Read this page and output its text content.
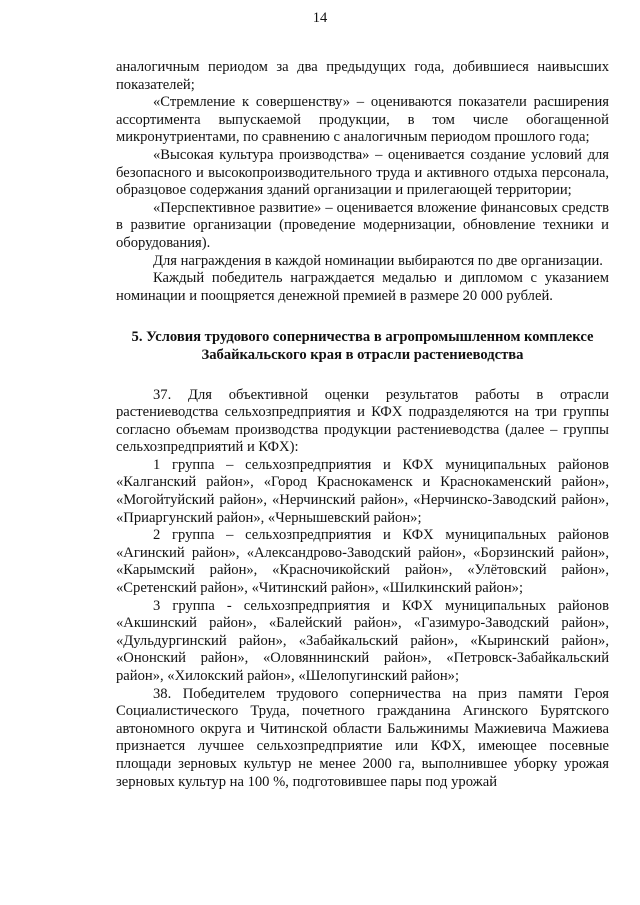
14

аналогичным периодом за два предыдущих года, добившиеся наивысших показателей;

«Стремление к совершенству» – оцениваются показатели расширения ассортимента выпускаемой продукции, в том числе обогащенной микронутриентами, по сравнению с аналогичным периодом прошлого года;

«Высокая культура производства» – оценивается создание условий для безопасного и высокопроизводительного труда и активного отдыха персонала, образцовое содержания зданий организации и прилегающей территории;

«Перспективное развитие» – оценивается вложение финансовых средств в развитие организации (проведение модернизации, обновление техники и оборудования).

Для награждения в каждой номинации выбираются по две организации.

Каждый победитель награждается медалью и дипломом с указанием номинации и поощряется денежной премией в размере 20 000 рублей.

5. Условия трудового соперничества в агропромышленном комплексе
Забайкальского края в отрасли растениеводства

37. Для объективной оценки результатов работы в отрасли растениеводства сельхозпредприятия и КФХ подразделяются на три группы согласно объемам производства продукции растениеводства (далее – группы сельхозпредприятий и КФХ):

1 группа – сельхозпредприятия и КФХ муниципальных районов «Калганский район», «Город Краснокаменск и Краснокаменский район», «Могойтуйский район», «Нерчинский район», «Нерчинско-Заводский район», «Приаргунский район», «Чернышевский район»;

2 группа – сельхозпредприятия и КФХ муниципальных районов «Агинский район», «Александрово-Заводский район», «Борзинский район», «Карымский район», «Красночикойский район», «Улётовский район», «Сретенский район», «Читинский район», «Шилкинский район»;

3 группа - сельхозпредприятия и КФХ муниципальных районов «Акшинский район», «Балейский район», «Газимуро-Заводский район», «Дульдургинский район», «Забайкальский район», «Кыринский район», «Ононский район», «Оловяннинский район», «Петровск-Забайкальский район», «Хилокский район», «Шелопугинский район»;

38. Победителем трудового соперничества на приз памяти Героя Социалистического Труда, почетного гражданина Агинского Бурятского автономного округа и Читинской области Бальжинимы Мажиевича Мажиева признается лучшее сельхозпредприятие или КФХ, имеющее посевные площади зерновых культур не менее 2000 га, выполнившее уборку урожая зерновых культур на 100 %, подготовившее пары под урожай
